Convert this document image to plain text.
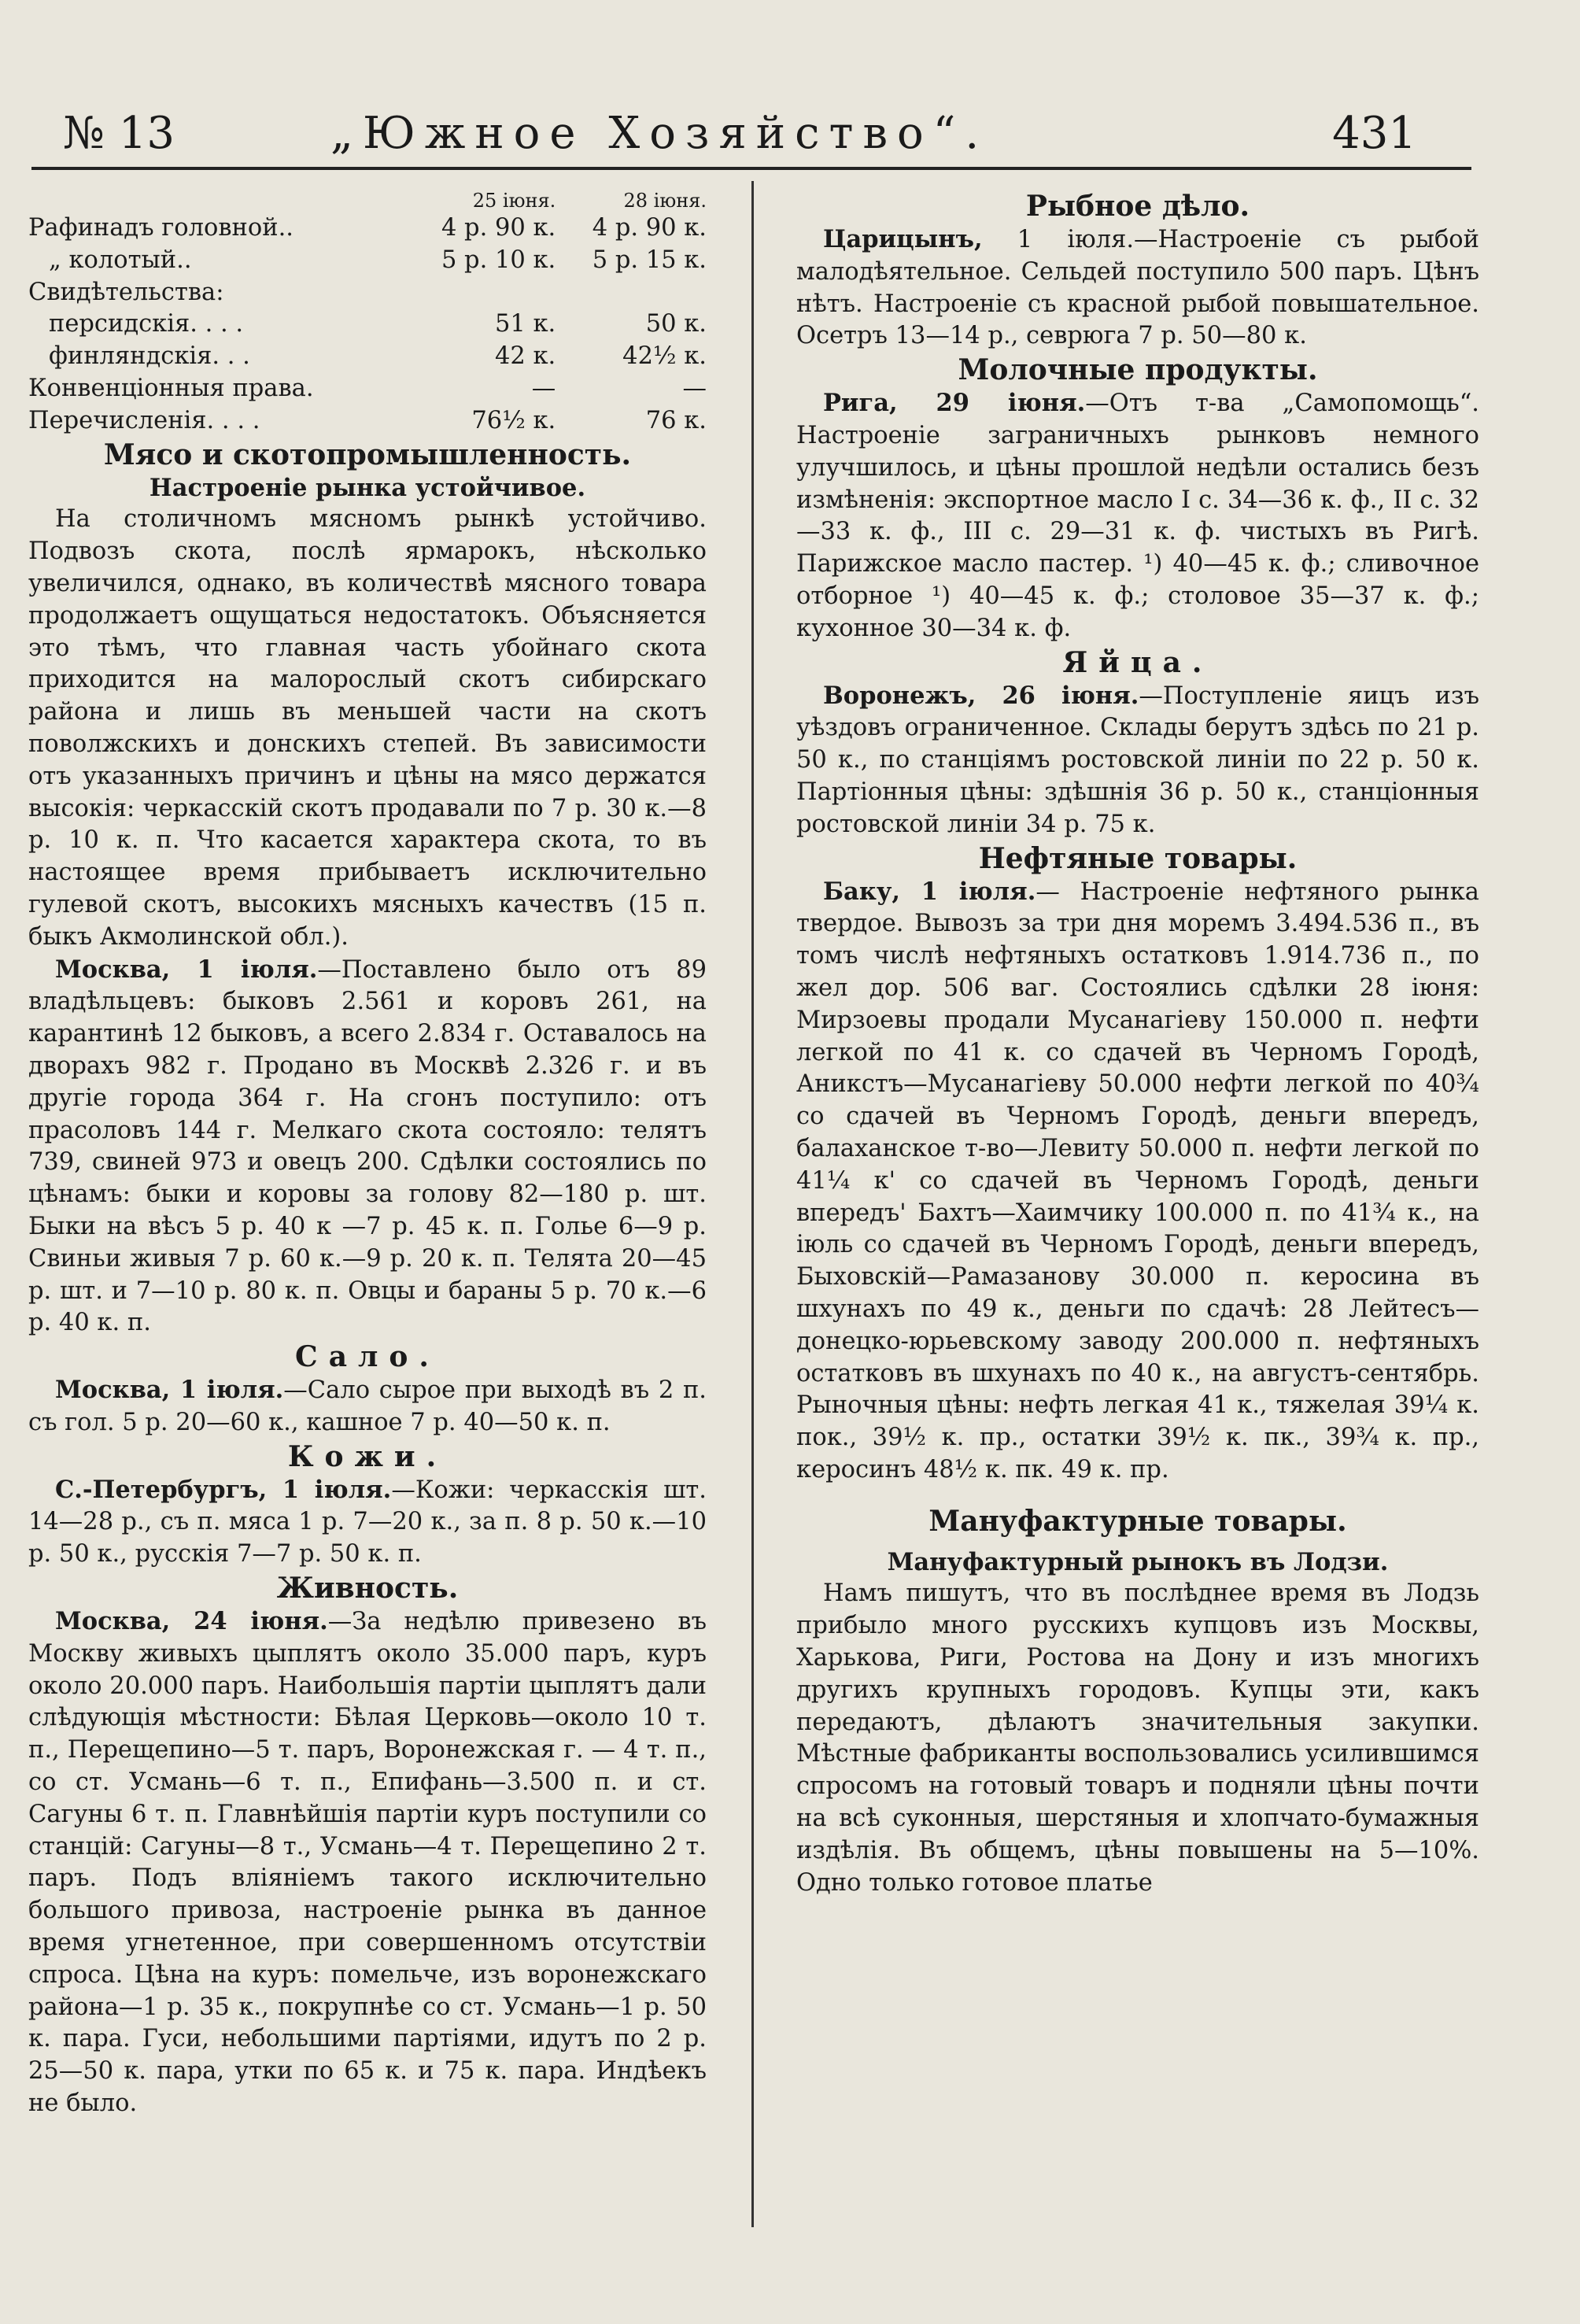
№ 13	„Южное Хозяйство“.	431
	25 іюня.	28 іюня.
Рафинадъ головной..	4 р. 90 к.	4 р. 90 к.
„ колотый..	5 р. 10 к.	5 р. 15 к.
Свидѣтельства:		
персидскія. . . .	51 к.	50 к.
финляндскія. . .	42 к.	42½ к.
Конвенціонныя права.	—	—
Перечисленія. . . .	76½ к.	76 к.

Мясо и скотопромышленность.

Настроеніе рынка устойчивое.

На столичномъ мясномъ рынкѣ устойчиво. Подвозъ скота, послѣ ярмарокъ, нѣсколько увеличился, однако, въ количествѣ мясного товара продолжаетъ ощущаться недостатокъ. Объясняется это тѣмъ, что главная часть убойнаго скота приходится на малорослый скотъ сибирскаго района и лишь въ меньшей части на скотъ поволжскихъ и донскихъ степей. Въ зависимости отъ указанныхъ причинъ и цѣны на мясо держатся высокія: черкасскій скотъ продавали по 7 р. 30 к.—8 р. 10 к. п. Что касается характера скота, то въ настоящее время прибываетъ исключительно гулевой скотъ, высокихъ мясныхъ качествъ (15 п. быкъ Акмолинской обл.).

Москва, 1 іюля.—Поставлено было отъ 89 владѣльцевъ: быковъ 2.561 и коровъ 261, на карантинѣ 12 быковъ, а всего 2.834 г. Оставалось на дворахъ 982 г. Продано въ Москвѣ 2.326 г. и въ другіе города 364 г. На сгонъ поступило: отъ прасоловъ 144 г. Мелкаго скота состояло: телятъ 739, свиней 973 и овецъ 200. Сдѣлки состоялись по цѣнамъ: быки и коровы за голову 82—180 р. шт. Быки на вѣсъ 5 р. 40 к —7 р. 45 к. п. Голье 6—9 р. Свиньи живыя 7 р. 60 к.—9 р. 20 к. п. Телята 20—45 р. шт. и 7—10 р. 80 к. п. Овцы и бараны 5 р. 70 к.—6 р. 40 к. п.

Сало.

Москва, 1 іюля.—Сало сырое при выходѣ въ 2 п. съ гол. 5 р. 20—60 к., кашное 7 р. 40—50 к. п.

Кожи.

С.-Петербургъ, 1 іюля.—Кожи: черкасскія шт. 14—28 р., съ п. мяса 1 р. 7—20 к., за п. 8 р. 50 к.—10 р. 50 к., русскія 7—7 р. 50 к. п.

Живность.

Москва, 24 іюня.—За недѣлю привезено въ Москву живыхъ цыплятъ около 35.000 паръ, куръ около 20.000 паръ. Наибольшія партіи цыплятъ дали слѣдующія мѣстности: Бѣлая Церковь—около 10 т. п., Перещепино—5 т. паръ, Воронежская г. — 4 т. п., со ст. Усмань—6 т. п., Епифань—3.500 п. и ст. Сагуны 6 т. п. Главнѣйшія партіи куръ поступили со станцій: Сагуны—8 т., Усмань—4 т. Перещепино 2 т. паръ. Подъ вліяніемъ такого исключительно большого привоза, настроеніе рынка въ данное время угнетенное, при совершенномъ отсутствіи спроса. Цѣна на куръ: помельче, изъ воронежскаго района—1 р. 35 к., покрупнѣе со ст. Усмань—1 р. 50 к. пара. Гуси, небольшими партіями, идутъ по 2 р. 25—50 к. пара, утки по 65 к. и 75 к. пара. Индѣекъ не было.

Рыбное дѣло.

Царицынъ, 1 іюля.—Настроеніе съ рыбой малодѣятельное. Сельдей поступило 500 паръ. Цѣнъ нѣтъ. Настроеніе съ красной рыбой повышательное. Осетръ 13—14 р., севрюга 7 р. 50—80 к.

Молочные продукты.

Рига, 29 іюня.—Отъ т-ва „Самопомощь“. Настроеніе заграничныхъ рынковъ немного улучшилось, и цѣны прошлой недѣли остались безъ измѣненія: экспортное масло I с. 34—36 к. ф., II с. 32—33 к. ф., III с. 29—31 к. ф. чистыхъ въ Ригѣ. Парижское масло пастер. ¹) 40—45 к. ф.; сливочное отборное ¹) 40—45 к. ф.; столовое 35—37 к. ф.; кухонное 30—34 к. ф.

Яйца.

Воронежъ, 26 іюня.—Поступленіе яицъ изъ уѣздовъ ограниченное. Склады берутъ здѣсь по 21 р. 50 к., по станціямъ ростовской линіи по 22 р. 50 к. Партіонныя цѣны: здѣшнія 36 р. 50 к., станціонныя ростовской линіи 34 р. 75 к.

Нефтяные товары.

Баку, 1 іюля.— Настроеніе нефтяного рынка твердое. Вывозъ за три дня моремъ 3.494.536 п., въ томъ числѣ нефтяныхъ остатковъ 1.914.736 п., по жел дор. 506 ваг. Состоялись сдѣлки 28 іюня: Мирзоевы продали Мусанагіеву 150.000 п. нефти легкой по 41 к. со сдачей въ Черномъ Городѣ, Аникстъ—Мусанагіеву 50.000 нефти легкой по 40¾ со сдачей въ Черномъ Городѣ, деньги впередъ, балаханское т-во—Левиту 50.000 п. нефти легкой по 41¼ к' со сдачей въ Черномъ Городѣ, деньги впередъ' Бахтъ—Хаимчику 100.000 п. по 41¾ к., на іюль со сдачей въ Черномъ Городѣ, деньги впередъ, Быховскій—Рамазанову 30.000 п. керосина въ шхунахъ по 49 к., деньги по сдачѣ: 28 Лейтесъ—донецко-юрьевскому заводу 200.000 п. нефтяныхъ остатковъ въ шхунахъ по 40 к., на августъ-сентябрь. Рыночныя цѣны: нефть легкая 41 к., тяжелая 39¼ к. пок., 39½ к. пр., остатки 39½ к. пк., 39¾ к. пр., керосинъ 48½ к. пк. 49 к. пр.

Мануфактурные товары.

Мануфактурный рынокъ въ Лодзи.

Намъ пишутъ, что въ послѣднее время въ Лодзь прибыло много русскихъ купцовъ изъ Москвы, Харькова, Риги, Ростова на Дону и изъ многихъ другихъ крупныхъ городовъ. Купцы эти, какъ передаютъ, дѣлаютъ значительныя закупки. Мѣстные фабриканты воспользовались усилившимся спросомъ на готовый товаръ и подняли цѣны почти на всѣ суконныя, шерстяныя и хлопчато-бумажныя издѣлія. Въ общемъ, цѣны повышены на 5—10%. Одно только готовое платье
